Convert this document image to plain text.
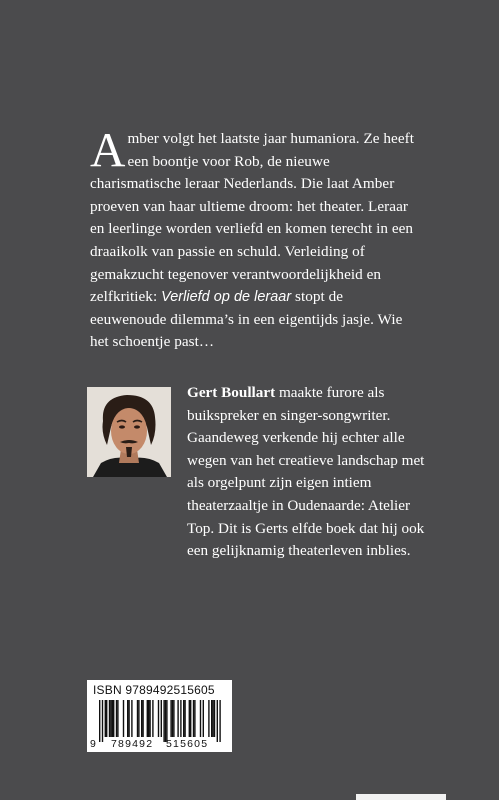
Amber volgt het laatste jaar humaniora. Ze heeft een boontje voor Rob, de nieuwe charismatische leraar Nederlands. Die laat Amber proeven van haar ultieme droom: het theater. Leraar en leerlinge worden verliefd en komen terecht in een draaikolk van passie en schuld. Verleiding of gemakzucht tegenover verantwoordelijkheid en zelfkritiek: Verliefd op de leraar stopt de eeuwenoude dilemma’s in een eigentijds jasje. Wie het schoentje past…
Gert Boullart maakte furore als buikspreker en singer-songwriter. Gaandeweg verkende hij echter alle wegen van het creatieve landschap met als orgelpunt zijn eigen intiem theaterzaaltje in Oudenaarde: Atelier Top. Dit is Gerts elfde boek dat hij ook een gelijknamig theaterleven inblies.
ISBN 9789492515605
9 789492 515605
